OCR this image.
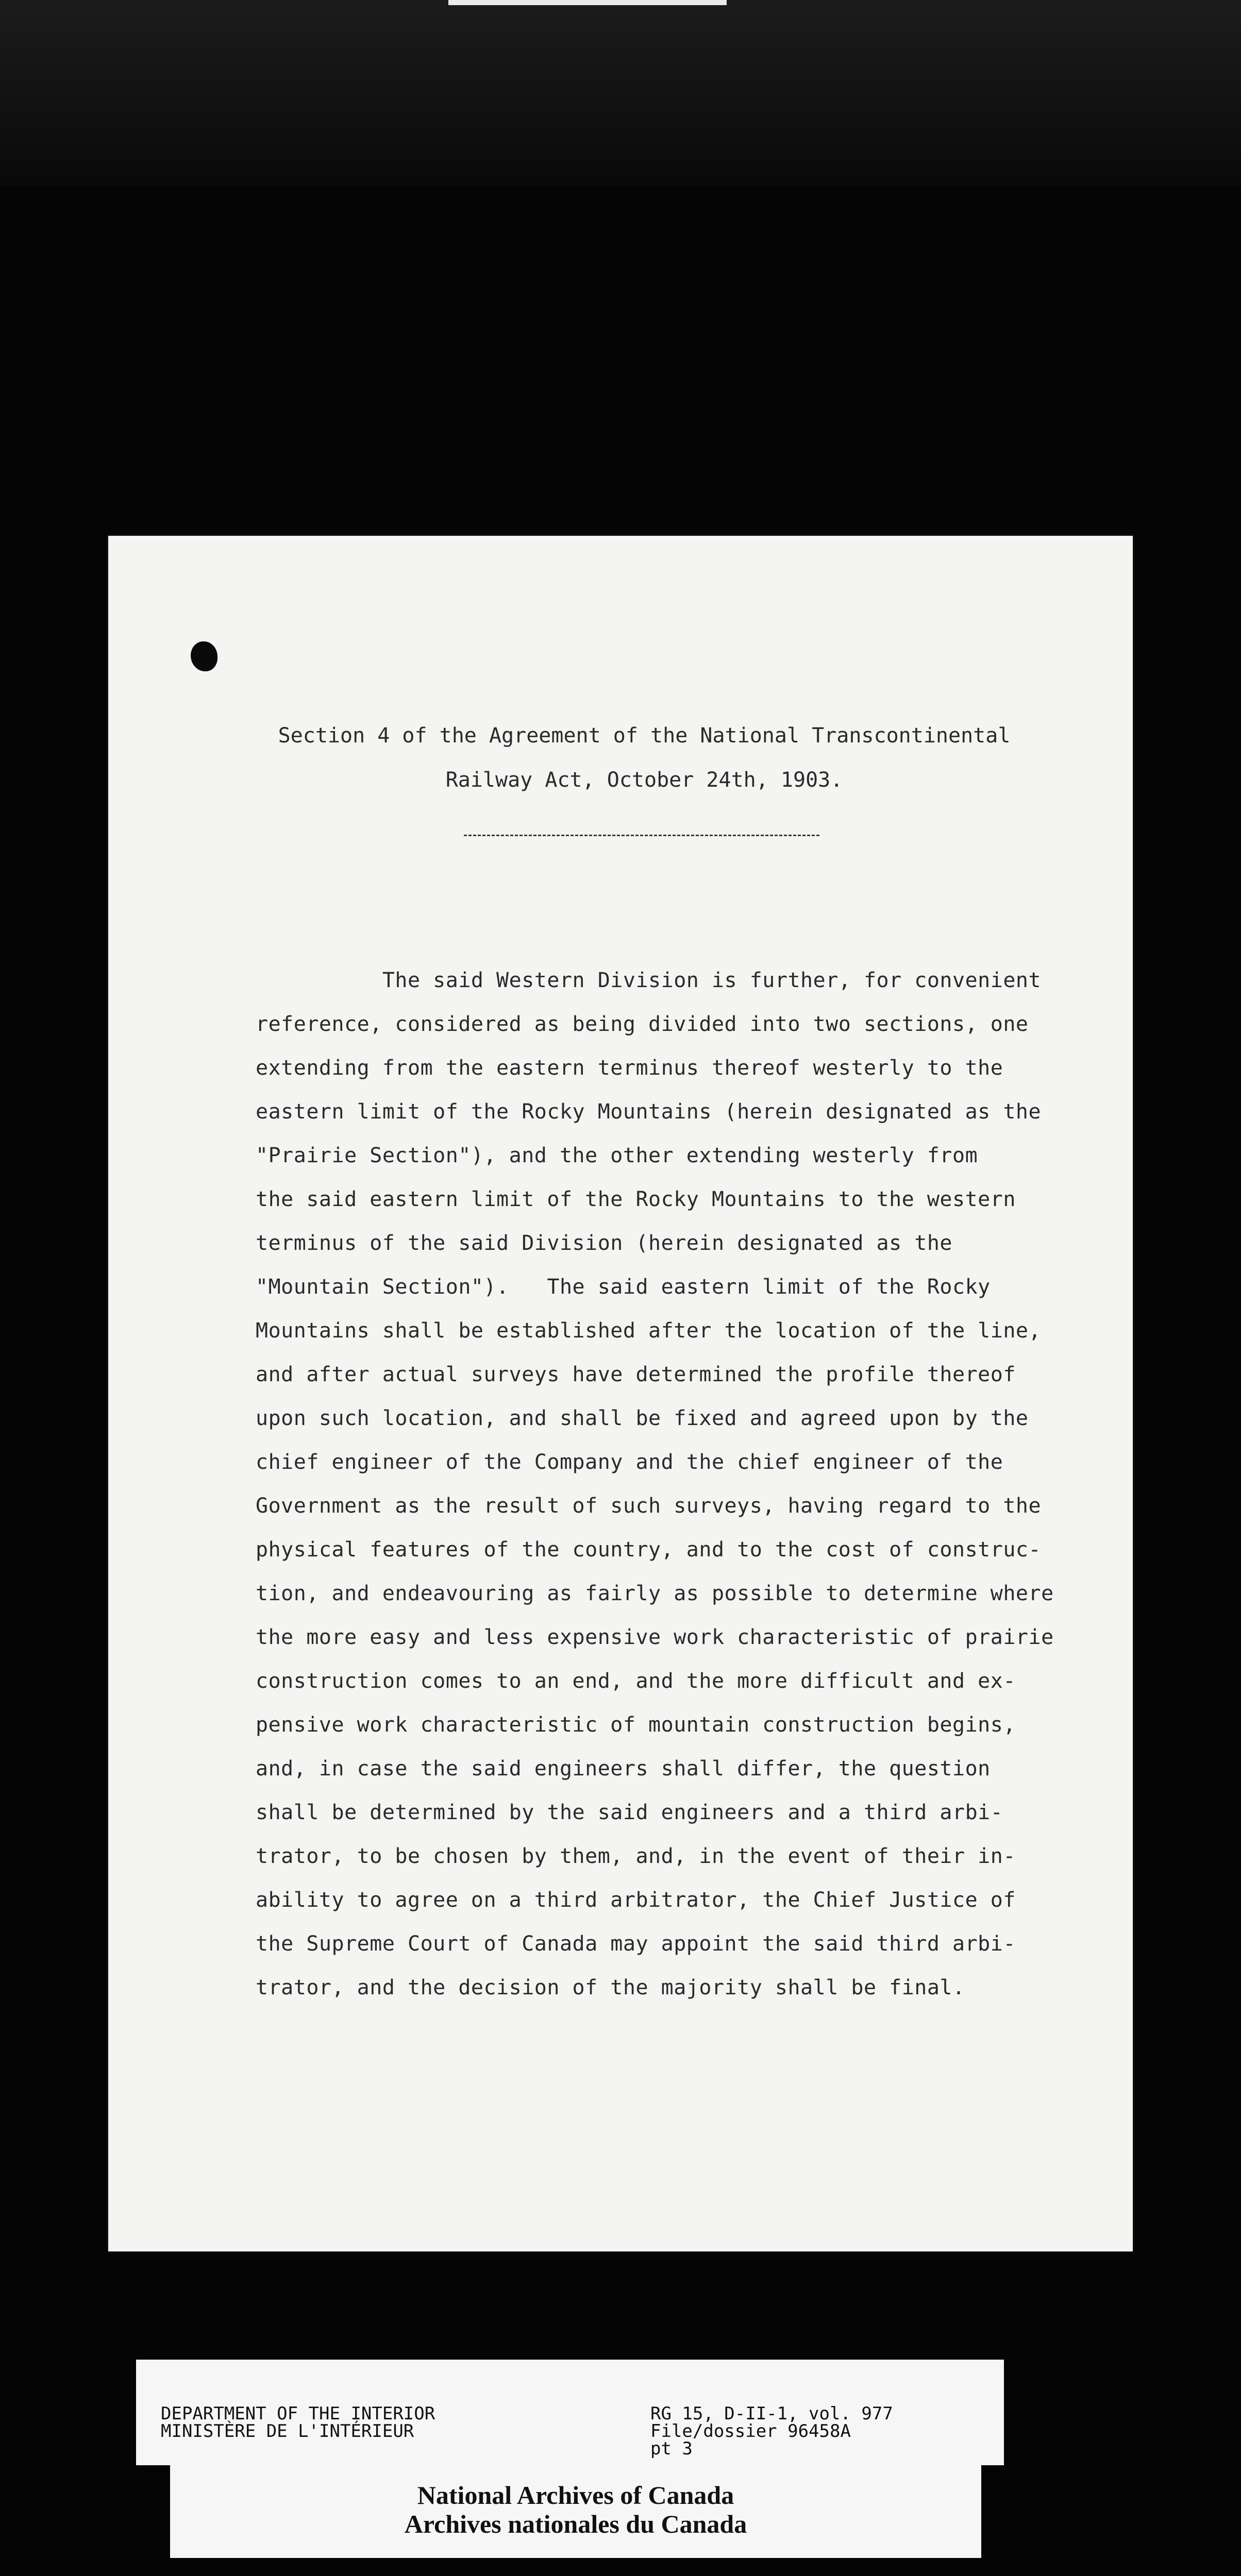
Section 4 of the Agreement of the National Transcontinental
Railway Act, October 24th, 1903.
The said Western Division is further, for convenient
reference, considered as being divided into two sections, one
extending from the eastern terminus thereof westerly to the
eastern limit of the Rocky Mountains (herein designated as the
"Prairie Section"), and the other extending westerly from
the said eastern limit of the Rocky Mountains to the western
terminus of the said Division (herein designated as the
"Mountain Section").   The said eastern limit of the Rocky
Mountains shall be established after the location of the line,
and after actual surveys have determined the profile thereof
upon such location, and shall be fixed and agreed upon by the
chief engineer of the Company and the chief engineer of the
Government as the result of such surveys, having regard to the
physical features of the country, and to the cost of construc-
tion, and endeavouring as fairly as possible to determine where
the more easy and less expensive work characteristic of prairie
construction comes to an end, and the more difficult and ex-
pensive work characteristic of mountain construction begins,
and, in case the said engineers shall differ, the question
shall be determined by the said engineers and a third arbi-
trator, to be chosen by them, and, in the event of their in-
ability to agree on a third arbitrator, the Chief Justice of
the Supreme Court of Canada may appoint the said third arbi-
trator, and the decision of the majority shall be final.
DEPARTMENT OF THE INTERIOR
MINISTÈRE DE L'INTÉRIEUR
RG 15, D-II-1, vol. 977
File/dossier 96458A
pt 3
National Archives of Canada
Archives nationales du Canada
